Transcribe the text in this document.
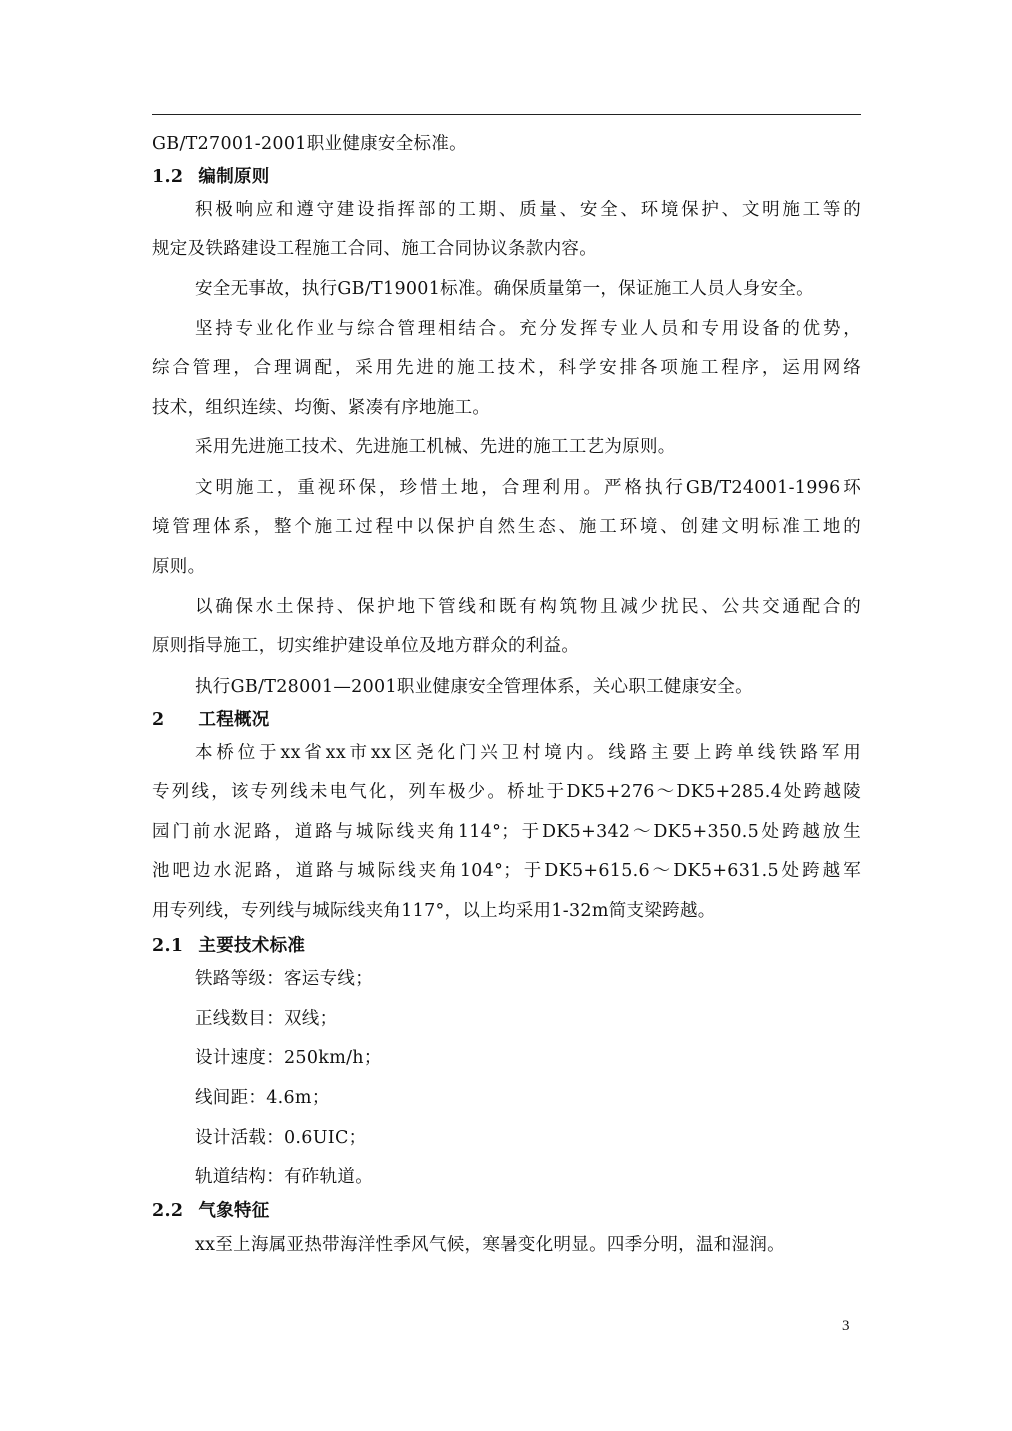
GB/T27001-2001职业健康安全标准。
1.2 编制原则
积极响应和遵守建设指挥部的工期、质量、安全、环境保护、文明施工等的
规定及铁路建设工程施工合同、施工合同协议条款内容。
安全无事故，执行GB/T19001标准。确保质量第一，保证施工人员人身安全。
坚持专业化作业与综合管理相结合。充分发挥专业人员和专用设备的优势，
综合管理，合理调配，采用先进的施工技术，科学安排各项施工程序，运用网络
技术，组织连续、均衡、紧凑有序地施工。
采用先进施工技术、先进施工机械、先进的施工工艺为原则。
文明施工，重视环保，珍惜土地，合理利用。严格执行GB/T24001-1996环
境管理体系，整个施工过程中以保护自然生态、施工环境、创建文明标准工地的
原则。
以确保水土保持、保护地下管线和既有构筑物且减少扰民、公共交通配合的
原则指导施工，切实维护建设单位及地方群众的利益。
执行GB/T28001—2001职业健康安全管理体系，关心职工健康安全。
2 工程概况
本桥位于xx省xx市xx区尧化门兴卫村境内。线路主要上跨单线铁路军用
专列线，该专列线未电气化，列车极少。桥址于DK5+276～DK5+285.4处跨越陵
园门前水泥路，道路与城际线夹角114°；于DK5+342～DK5+350.5处跨越放生
池吧边水泥路，道路与城际线夹角104°；于DK5+615.6～DK5+631.5处跨越军
用专列线，专列线与城际线夹角117°，以上均采用1-32m简支梁跨越。
2.1 主要技术标准
铁路等级：客运专线；
正线数目：双线；
设计速度：250km/h；
线间距：4.6m；
设计活载：0.6UIC；
轨道结构：有砟轨道。
2.2 气象特征
xx至上海属亚热带海洋性季风气候，寒暑变化明显。四季分明，温和湿润。
3
